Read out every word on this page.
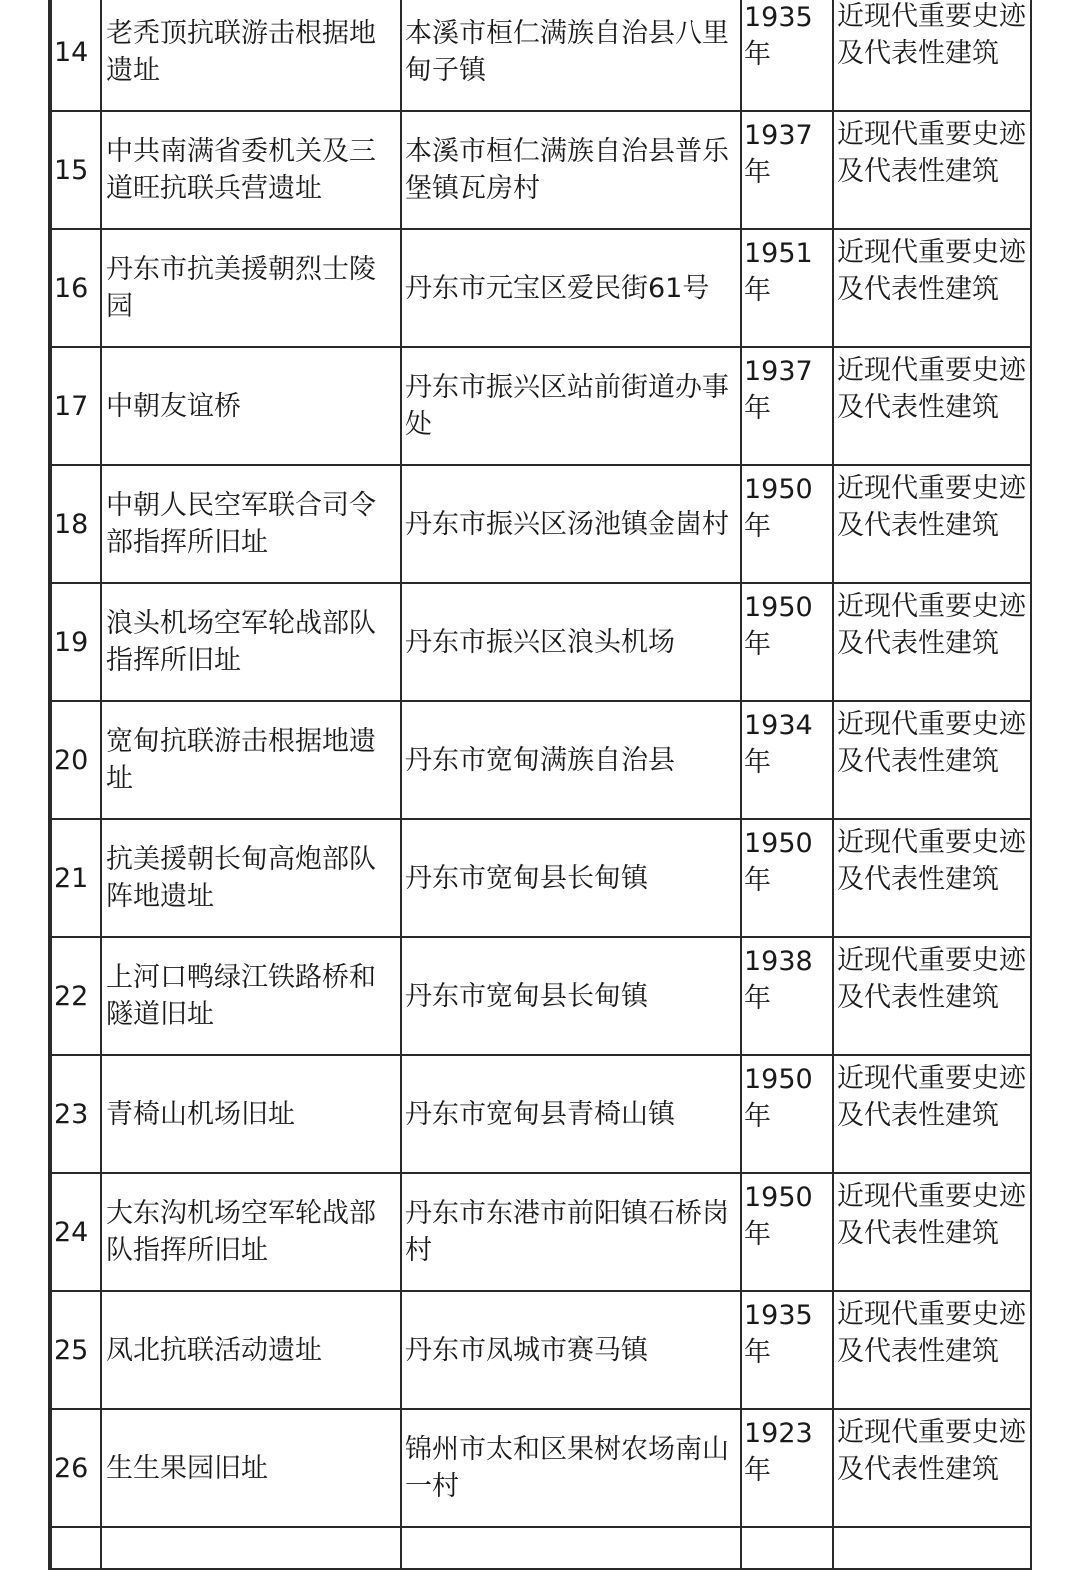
14	老秃顶抗联游击根据地遗址	本溪市桓仁满族自治县八里甸子镇	1935年	近现代重要史迹及代表性建筑
15	中共南满省委机关及三道旺抗联兵营遗址	本溪市桓仁满族自治县普乐堡镇瓦房村	1937年	近现代重要史迹及代表性建筑
16	丹东市抗美援朝烈士陵园	丹东市元宝区爱民街61号	1951年	近现代重要史迹及代表性建筑
17	中朝友谊桥	丹东市振兴区站前街道办事处	1937年	近现代重要史迹及代表性建筑
18	中朝人民空军联合司令部指挥所旧址	丹东市振兴区汤池镇金崮村	1950年	近现代重要史迹及代表性建筑
19	浪头机场空军轮战部队指挥所旧址	丹东市振兴区浪头机场	1950年	近现代重要史迹及代表性建筑
20	宽甸抗联游击根据地遗址	丹东市宽甸满族自治县	1934年	近现代重要史迹及代表性建筑
21	抗美援朝长甸高炮部队阵地遗址	丹东市宽甸县长甸镇	1950年	近现代重要史迹及代表性建筑
22	上河口鸭绿江铁路桥和隧道旧址	丹东市宽甸县长甸镇	1938年	近现代重要史迹及代表性建筑
23	青椅山机场旧址	丹东市宽甸县青椅山镇	1950年	近现代重要史迹及代表性建筑
24	大东沟机场空军轮战部队指挥所旧址	丹东市东港市前阳镇石桥岗村	1950年	近现代重要史迹及代表性建筑
25	凤北抗联活动遗址	丹东市凤城市赛马镇	1935年	近现代重要史迹及代表性建筑
26	生生果园旧址	锦州市太和区果树农场南山一村	1923年	近现代重要史迹及代表性建筑
